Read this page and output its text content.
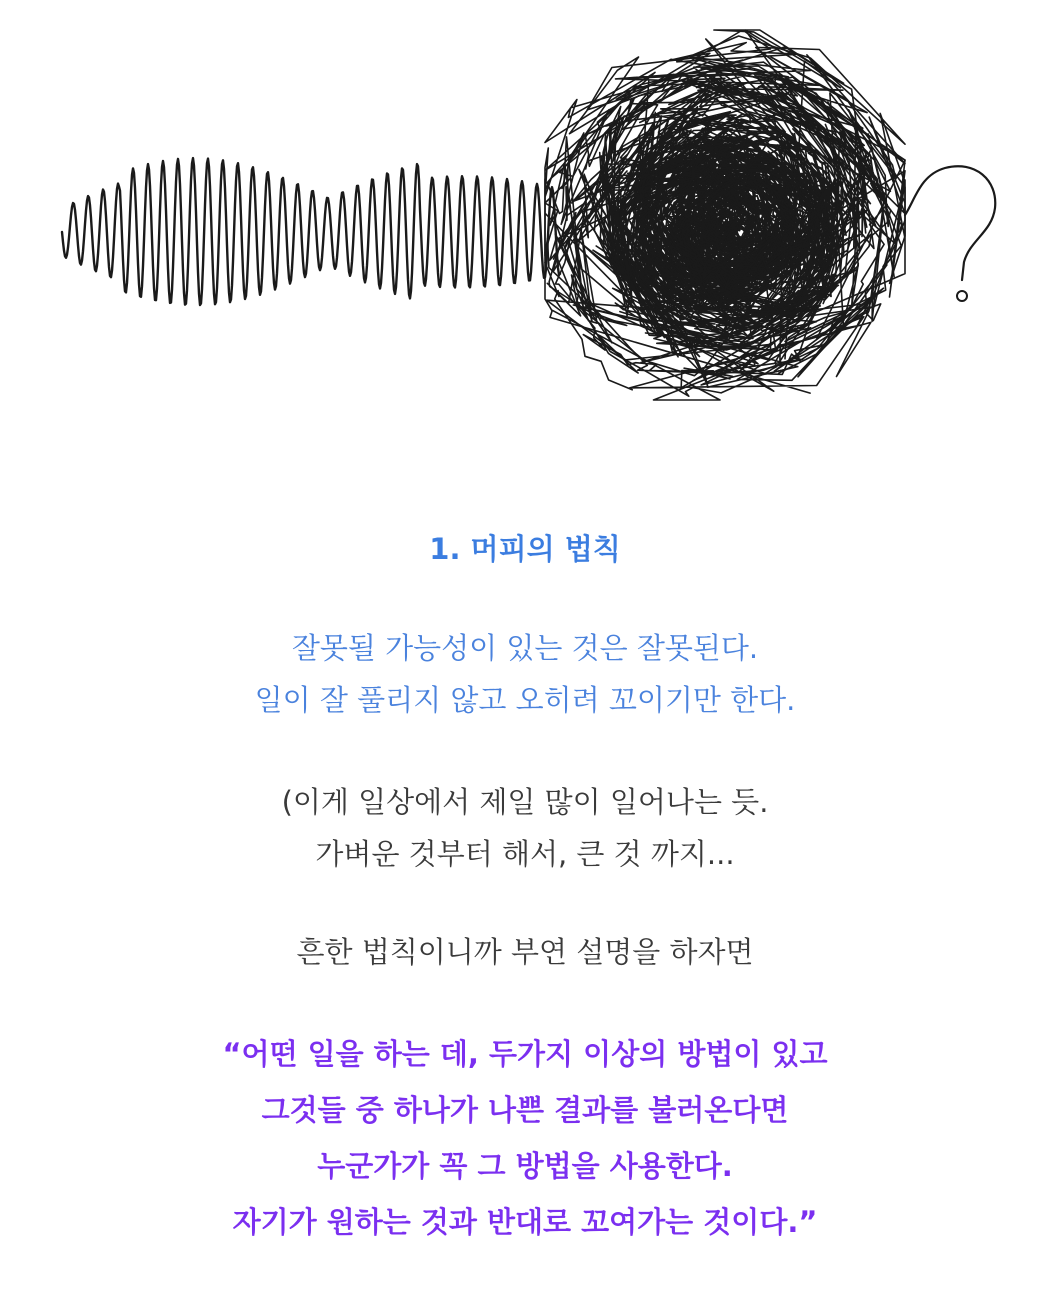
1. 머피의 법칙

잘못될 가능성이 있는 것은 잘못된다.
일이 잘 풀리지 않고 오히려 꼬이기만 한다.

(이게 일상에서 제일 많이 일어나는 듯.
가벼운 것부터 해서, 큰 것 까지...

흔한 법칙이니까 부연 설명을 하자면

“어떤 일을 하는 데, 두가지 이상의 방법이 있고
그것들 중 하나가 나쁜 결과를 불러온다면
누군가가 꼭 그 방법을 사용한다.
자기가 원하는 것과 반대로 꼬여가는 것이다.”
